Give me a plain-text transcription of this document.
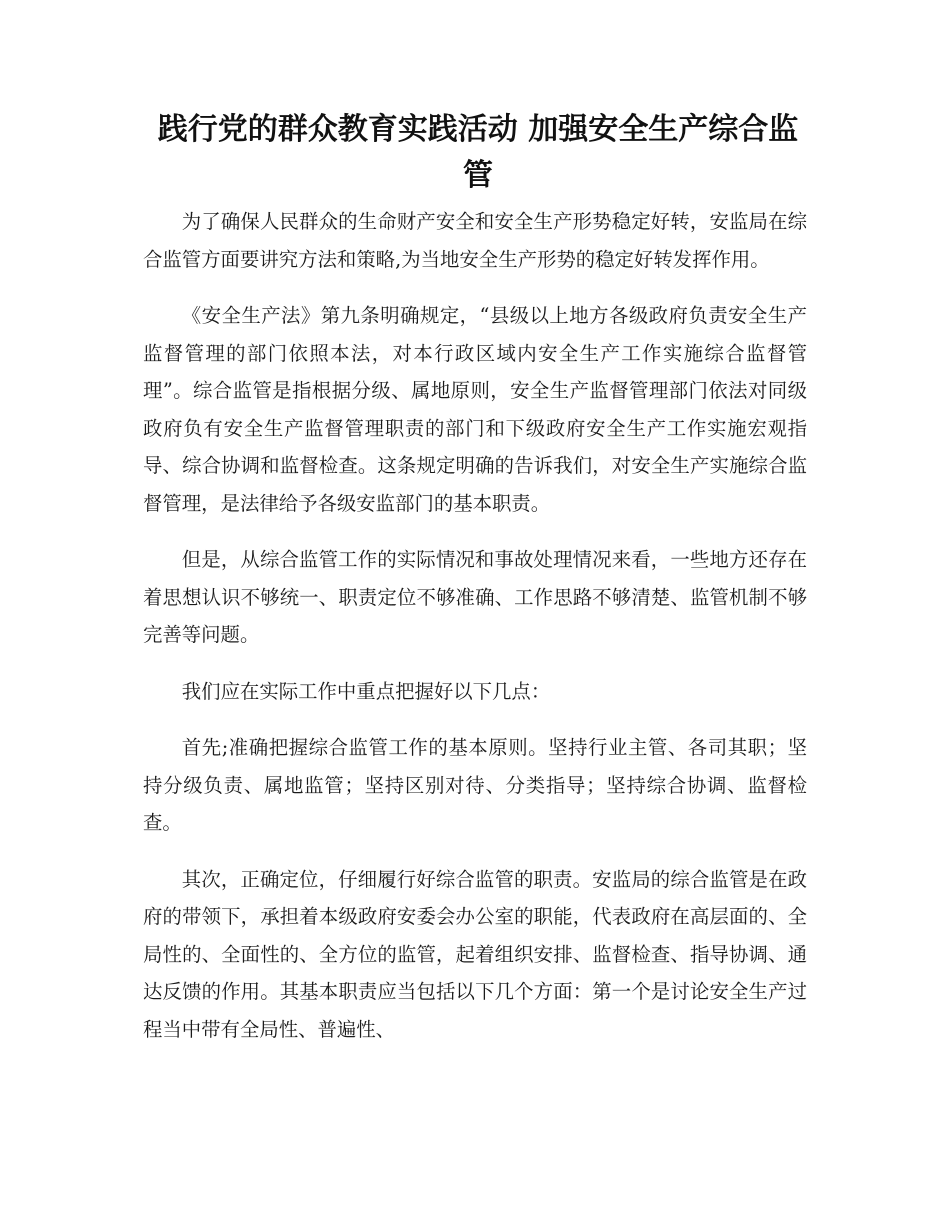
践行党的群众教育实践活动 加强安全生产综合监管

为了确保人民群众的生命财产安全和安全生产形势稳定好转，安监局在综合监管方面要讲究方法和策略,为当地安全生产形势的稳定好转发挥作用。

《安全生产法》第九条明确规定，“县级以上地方各级政府负责安全生产监督管理的部门依照本法，对本行政区域内安全生产工作实施综合监督管理”。综合监管是指根据分级、属地原则，安全生产监督管理部门依法对同级政府负有安全生产监督管理职责的部门和下级政府安全生产工作实施宏观指导、综合协调和监督检查。这条规定明确的告诉我们，对安全生产实施综合监督管理，是法律给予各级安监部门的基本职责。

但是，从综合监管工作的实际情况和事故处理情况来看，一些地方还存在着思想认识不够统一、职责定位不够准确、工作思路不够清楚、监管机制不够完善等问题。

我们应在实际工作中重点把握好以下几点：

首先;准确把握综合监管工作的基本原则。坚持行业主管、各司其职；坚持分级负责、属地监管；坚持区别对待、分类指导；坚持综合协调、监督检查。

其次，正确定位，仔细履行好综合监管的职责。安监局的综合监管是在政府的带领下，承担着本级政府安委会办公室的职能，代表政府在高层面的、全局性的、全面性的、全方位的监管，起着组织安排、监督检查、指导协调、通达反馈的作用。其基本职责应当包括以下几个方面：第一个是讨论安全生产过程当中带有全局性、普遍性、
